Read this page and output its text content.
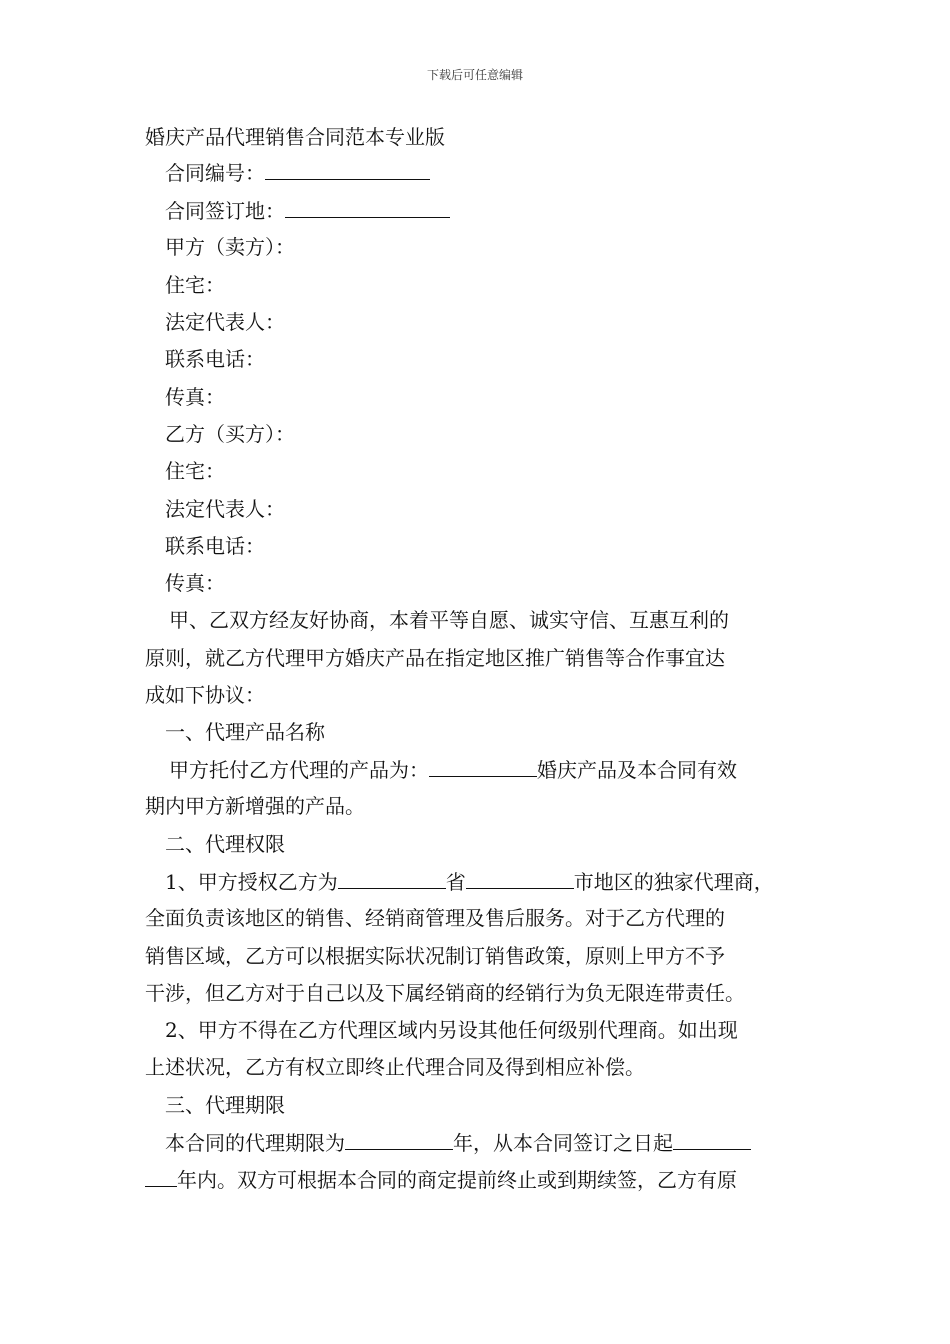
下载后可任意编辑
婚庆产品代理销售合同范本专业版
合同编号：
合同签订地：
甲方（卖方）：
住宅：
法定代表人：
联系电话：
传真：
乙方（买方）：
住宅：
法定代表人：
联系电话：
传真：
甲、乙双方经友好协商，本着平等自愿、诚实守信、互惠互利的
原则，就乙方代理甲方婚庆产品在指定地区推广销售等合作事宜达
成如下协议：
一、代理产品名称
甲方托付乙方代理的产品为：	婚庆产品及本合同有效
期内甲方新增强的产品。
二、代理权限
1、甲方授权乙方为	省	市地区的独家代理商，
全面负责该地区的销售、经销商管理及售后服务。对于乙方代理的
销售区域，乙方可以根据实际状况制订销售政策，原则上甲方不予
干涉，但乙方对于自己以及下属经销商的经销行为负无限连带责任。
2、甲方不得在乙方代理区域内另设其他任何级别代理商。如出现
上述状况，乙方有权立即终止代理合同及得到相应补偿。
三、代理期限
本合同的代理期限为	年，从本合同签订之日起
年内。双方可根据本合同的商定提前终止或到期续签，乙方有原
